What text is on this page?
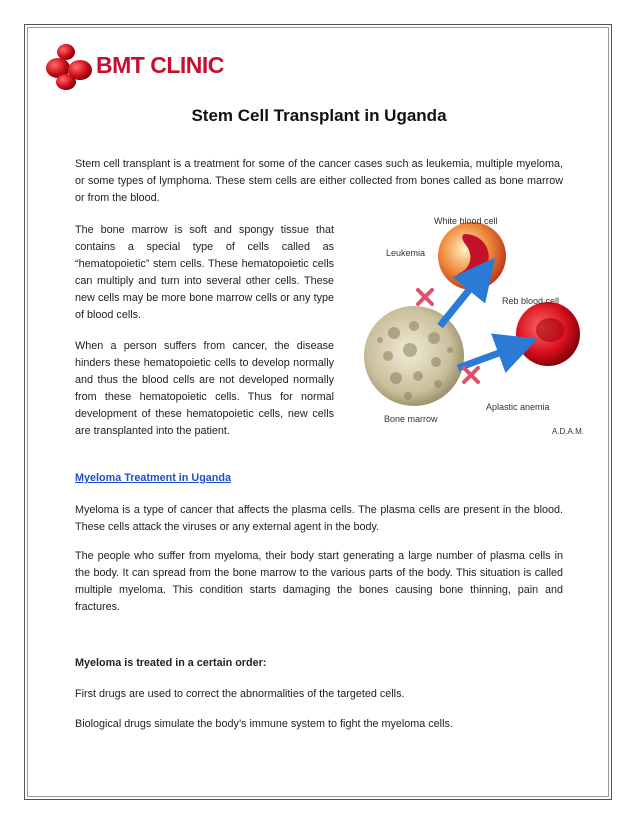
BMT CLINIC
Stem Cell Transplant in Uganda

Stem cell transplant is a treatment for some of the cancer cases such as leukemia, multiple myeloma, or some types of lymphoma. These stem cells are either collected from bones called as bone marrow or from the blood.

The bone marrow is soft and spongy tissue that contains a special type of cells called as “hematopoietic” stem cells. These hematopoietic cells can multiply and turn into several other cells. These new cells may be more bone marrow cells or any type of blood cells.

When a person suffers from cancer, the disease hinders these hematopoietic cells to develop normally and thus the blood cells are not developed normally from these hematopoietic cells. Thus for normal development of these hematopoietic cells, new cells are transplanted into the patient.

White blood cell
Leukemia
Reb blood cell
Aplastic anemia
Bone marrow
A.D.A.M.
Myeloma Treatment in Uganda

Myeloma is a type of cancer that affects the plasma cells. The plasma cells are present in the blood. These cells attack the viruses or any external agent in the body.

The people who suffer from myeloma, their body start generating a large number of plasma cells in the body. It can spread from the bone marrow to the various parts of the body. This situation is called multiple myeloma. This condition starts damaging the bones causing bone thinning, pain and fractures.

Myeloma is treated in a certain order:

First drugs are used to correct the abnormalities of the targeted cells.

Biological drugs simulate the body’s immune system to fight the myeloma cells.
